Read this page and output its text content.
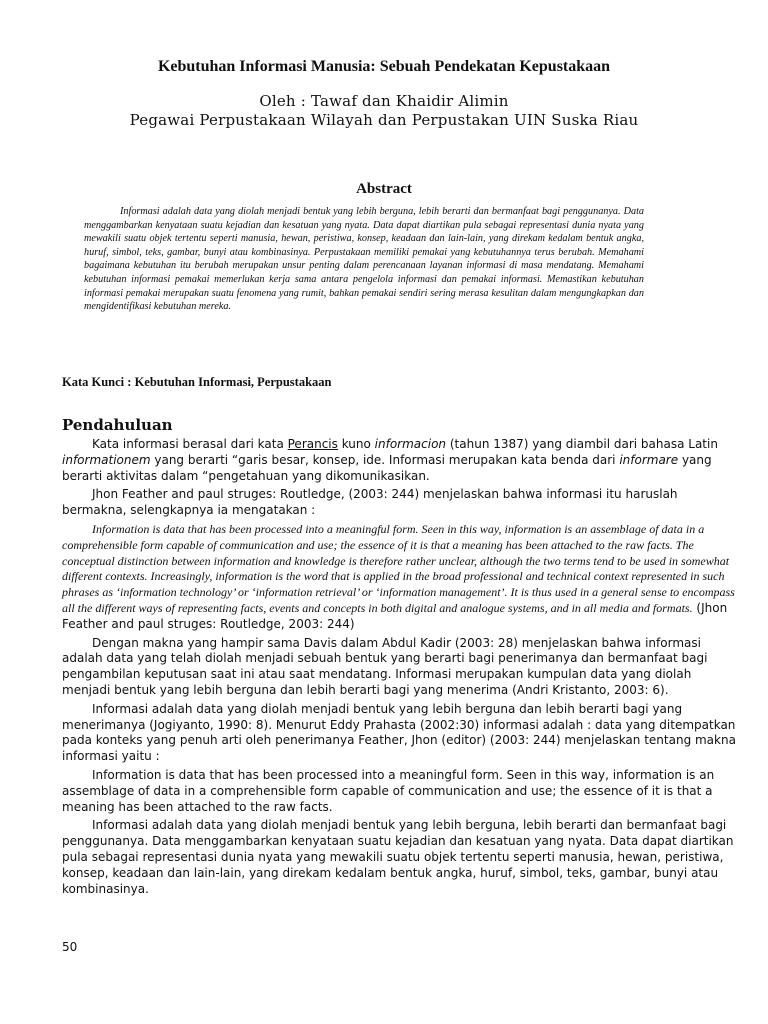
Kebutuhan Informasi Manusia: Sebuah Pendekatan Kepustakaan
Oleh : Tawaf dan Khaidir Alimin
Pegawai Perpustakaan Wilayah dan Perpustakan UIN Suska Riau
Abstract
Informasi adalah data yang diolah menjadi bentuk yang lebih berguna, lebih berarti dan bermanfaat bagi penggunanya. Data menggambarkan kenyataan suatu kejadian dan kesatuan yang nyata. Data dapat diartikan pula sebagai representasi dunia nyata yang mewakili suatu objek tertentu seperti manusia, hewan, peristiwa, konsep, keadaan dan lain-lain, yang direkam kedalam bentuk angka, huruf, simbol, teks, gambar, bunyi atau kombinasinya. Perpustakaan memiliki pemakai yang kebutuhannya terus berubah. Memahami bagaimana kebutuhan itu berubah merupakan unsur penting dalam perencanaan layanan informasi di masa mendatang. Memahami kebutuhan informasi pemakai memerlukan kerja sama antara pengelola informasi dan pemakai informasi. Memastikan kebutuhan informasi pemakai merupakan suatu fenomena yang rumit, bahkan pemakai sendiri sering merasa kesulitan dalam mengungkapkan dan mengidentifikasi kebutuhan mereka.
Kata Kunci : Kebutuhan Informasi, Perpustakaan
Pendahuluan

Kata informasi berasal dari kata Perancis kuno informacion (tahun 1387) yang diambil dari bahasa Latin informationem yang berarti “garis besar, konsep, ide. Informasi merupakan kata benda dari informare yang berarti aktivitas dalam “pengetahuan yang dikomunikasikan.

Jhon Feather and paul struges: Routledge, (2003: 244) menjelaskan bahwa informasi itu haruslah bermakna, selengkapnya ia mengatakan :

Information is data that has been processed into a meaningful form. Seen in this way, information is an assemblage of data in a comprehensible form capable of communication and use; the essence of it is that a meaning has been attached to the raw facts. The conceptual distinction between information and knowledge is therefore rather unclear, although the two terms tend to be used in somewhat different contexts. Increasingly, information is the word that is applied in the broad professional and technical context represented in such phrases as ‘information technology’ or ‘information retrieval’ or ‘information management’. It is thus used in a general sense to encompass all the different ways of representing facts, events and concepts in both digital and analogue systems, and in all media and formats. (Jhon Feather and paul struges: Routledge, 2003: 244)

Dengan makna yang hampir sama Davis dalam Abdul Kadir (2003: 28) menjelaskan bahwa informasi adalah data yang telah diolah menjadi sebuah bentuk yang berarti bagi penerimanya dan bermanfaat bagi pengambilan keputusan saat ini atau saat mendatang. Informasi merupakan kumpulan data yang diolah menjadi bentuk yang lebih berguna dan lebih berarti bagi yang menerima (Andri Kristanto, 2003: 6).

Informasi adalah data yang diolah menjadi bentuk yang lebih berguna dan lebih berarti bagi yang menerimanya (Jogiyanto, 1990: 8). Menurut Eddy Prahasta (2002:30) informasi adalah : data yang ditempatkan pada konteks yang penuh arti oleh penerimanya Feather, Jhon (editor) (2003: 244) menjelaskan tentang makna informasi yaitu :

Information is data that has been processed into a meaningful form. Seen in this way, information is an assemblage of data in a comprehensible form capable of communication and use; the essence of it is that a meaning has been attached to the raw facts.

Informasi adalah data yang diolah menjadi bentuk yang lebih berguna, lebih berarti dan bermanfaat bagi penggunanya. Data menggambarkan kenyataan suatu kejadian dan kesatuan yang nyata. Data dapat diartikan pula sebagai representasi dunia nyata yang mewakili suatu objek tertentu seperti manusia, hewan, peristiwa, konsep, keadaan dan lain-lain, yang direkam kedalam bentuk angka, huruf, simbol, teks, gambar, bunyi atau kombinasinya.

50
